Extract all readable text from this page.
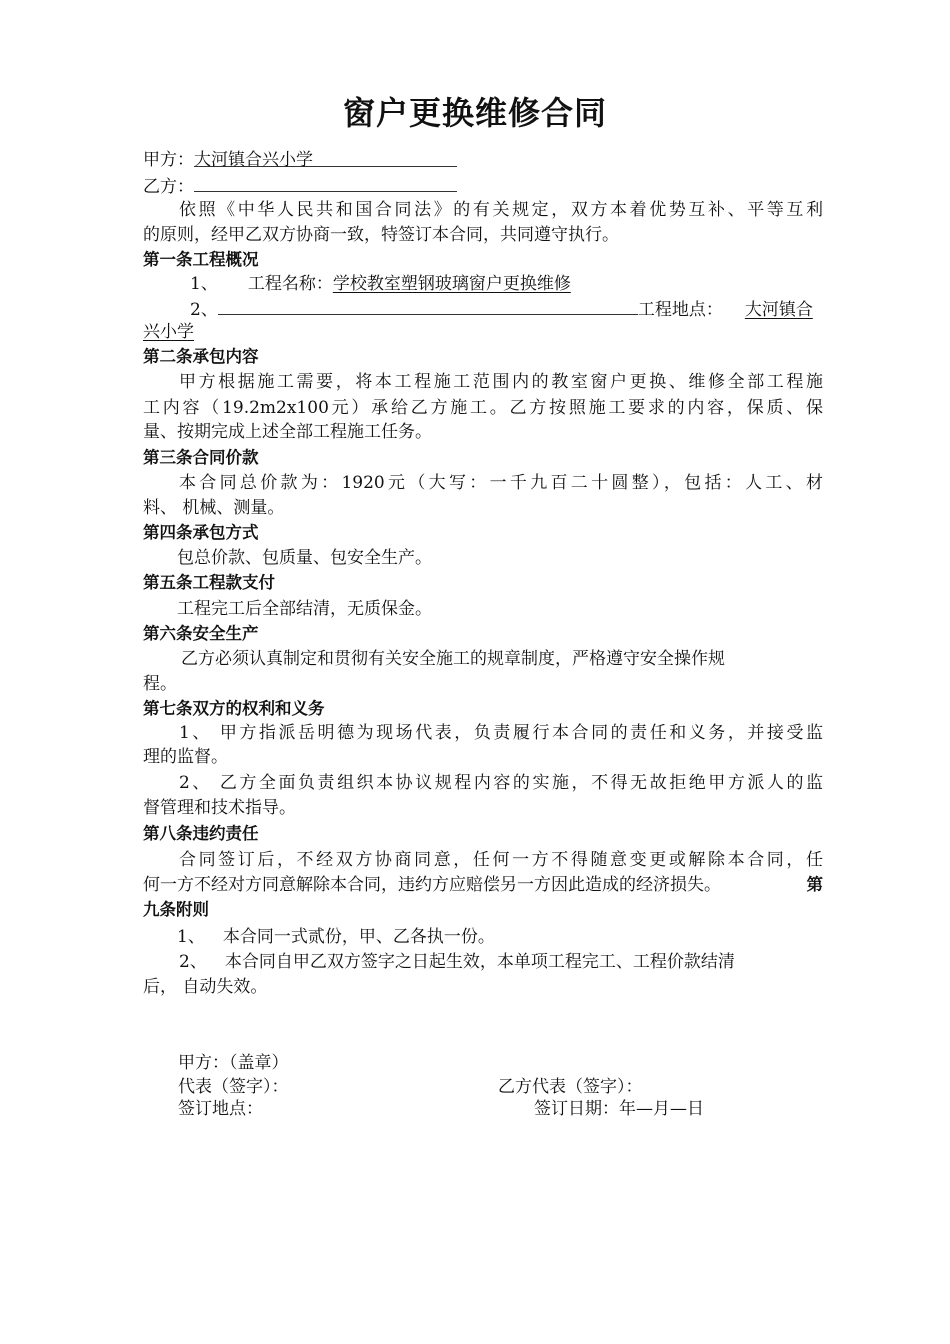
窗户更换维修合同
甲方：大河镇合兴小学
乙方：
依照《中华人民共和国合同法》的有关规定，双方本着优势互补、平等互利
的原则，经甲乙双方协商一致，特签订本合同，共同遵守执行。
第一条工程概况
1、 工程名称：学校教室塑钢玻璃窗户更换维修
2、	工程地点： 大河镇合
兴小学
第二条承包内容
甲方根据施工需要，将本工程施工范围内的教室窗户更换、维修全部工程施
工内容（19.2m2x100元）承给乙方施工。乙方按照施工要求的内容，保质、保
量、按期完成上述全部工程施工任务。
第三条合同价款
本合同总价款为：1920元（大写：一千九百二十圆整），包括：人工、材
料、 机械、测量。
第四条承包方式
包总价款、包质量、包安全生产。
第五条工程款支付
工程完工后全部结清，无质保金。
第六条安全生产
乙方必须认真制定和贯彻有关安全施工的规章制度，严格遵守安全操作规
程。
第七条双方的权利和义务
1、 甲方指派岳明德为现场代表，负责履行本合同的责任和义务，并接受监
理的监督。
2、 乙方全面负责组织本协议规程内容的实施，不得无故拒绝甲方派人的监
督管理和技术指导。
第八条违约责任
合同签订后，不经双方协商同意，任何一方不得随意变更或解除本合同，任
何一方不经对方同意解除本合同，违约方应赔偿另一方因此造成的经济损失。	第
九条附则
1、 本合同一式贰份，甲、乙各执一份。
2、 本合同自甲乙双方签字之日起生效，本单项工程完工、工程价款结清
后， 自动失效。
甲方：（盖章）
代表（签字）：	乙方代表（签字）：
签订地点：	签订日期：年—月—日
